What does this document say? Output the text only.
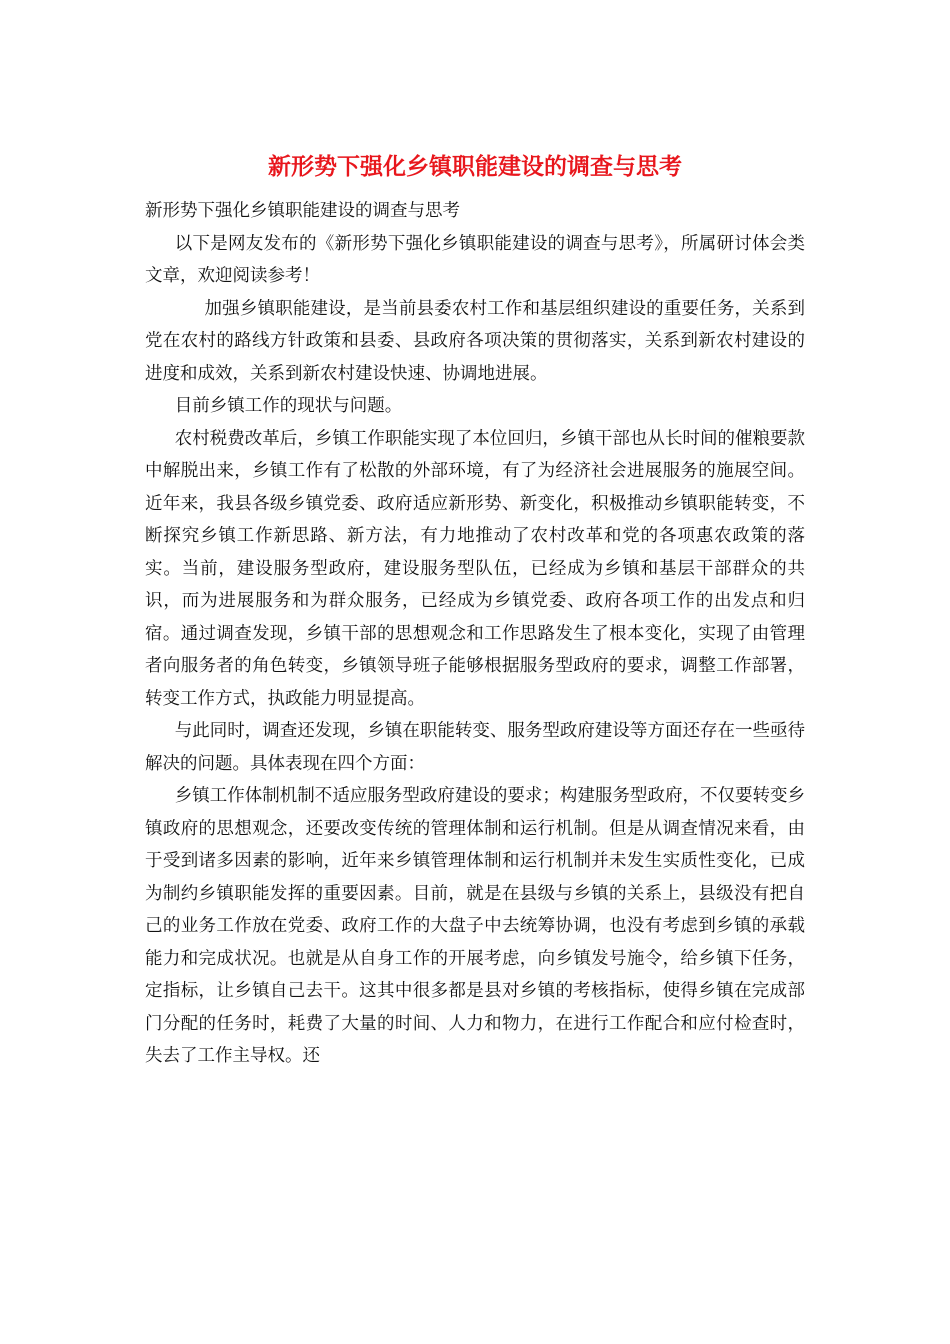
新形势下强化乡镇职能建设的调查与思考

新形势下强化乡镇职能建设的调查与思考

以下是网友发布的《新形势下强化乡镇职能建设的调查与思考》，所属研讨体会类文章，欢迎阅读参考！

加强乡镇职能建设，是当前县委农村工作和基层组织建设的重要任务，关系到党在农村的路线方针政策和县委、县政府各项决策的贯彻落实，关系到新农村建设的进度和成效，关系到新农村建设快速、协调地进展。

目前乡镇工作的现状与问题。

农村税费改革后，乡镇工作职能实现了本位回归，乡镇干部也从长时间的催粮要款中解脱出来，乡镇工作有了松散的外部环境，有了为经济社会进展服务的施展空间。近年来，我县各级乡镇党委、政府适应新形势、新变化，积极推动乡镇职能转变，不断探究乡镇工作新思路、新方法，有力地推动了农村改革和党的各项惠农政策的落实。当前，建设服务型政府，建设服务型队伍，已经成为乡镇和基层干部群众的共识，而为进展服务和为群众服务，已经成为乡镇党委、政府各项工作的出发点和归宿。通过调查发现，乡镇干部的思想观念和工作思路发生了根本变化，实现了由管理者向服务者的角色转变，乡镇领导班子能够根据服务型政府的要求，调整工作部署，转变工作方式，执政能力明显提高。

与此同时，调查还发现，乡镇在职能转变、服务型政府建设等方面还存在一些亟待解决的问题。具体表现在四个方面：

乡镇工作体制机制不适应服务型政府建设的要求；构建服务型政府，不仅要转变乡镇政府的思想观念，还要改变传统的管理体制和运行机制。但是从调查情况来看，由于受到诸多因素的影响，近年来乡镇管理体制和运行机制并未发生实质性变化，已成为制约乡镇职能发挥的重要因素。目前，就是在县级与乡镇的关系上，县级没有把自己的业务工作放在党委、政府工作的大盘子中去统筹协调，也没有考虑到乡镇的承载能力和完成状况。也就是从自身工作的开展考虑，向乡镇发号施令，给乡镇下任务，定指标，让乡镇自己去干。这其中很多都是县对乡镇的考核指标，使得乡镇在完成部门分配的任务时，耗费了大量的时间、人力和物力，在进行工作配合和应付检查时，失去了工作主导权。还
